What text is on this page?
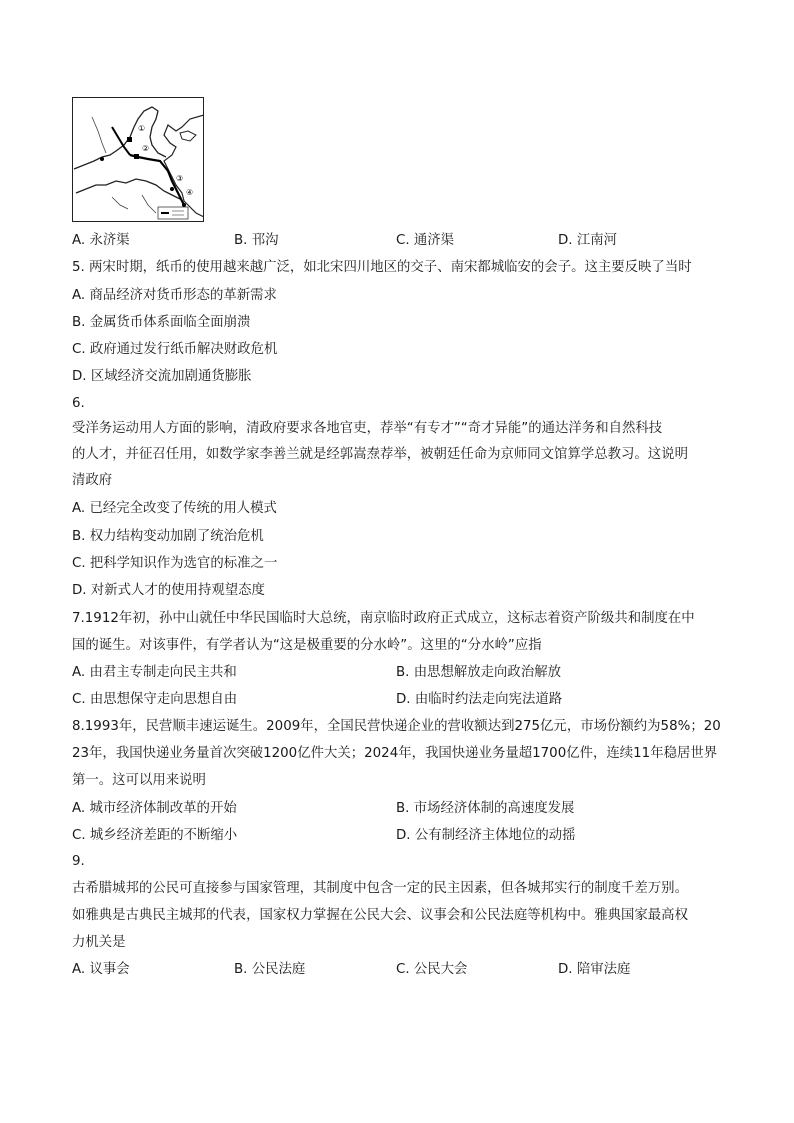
①
②
③
④
A. 永济渠	B. 邗沟	C. 通济渠	D. 江南河
5. 两宋时期，纸币的使用越来越广泛，如北宋四川地区的交子、南宋都城临安的会子。这主要反映了当时
A. 商品经济对货币形态的革新需求
B. 金属货币体系面临全面崩溃
C. 政府通过发行纸币解决财政危机
D. 区域经济交流加剧通货膨胀
6.
受洋务运动用人方面的影响，清政府要求各地官吏，荐举“有专才”“奇才异能”的通达洋务和自然科技
的人才，并征召任用，如数学家李善兰就是经郭嵩焘荐举，被朝廷任命为京师同文馆算学总教习。这说明
清政府
A. 已经完全改变了传统的用人模式
B. 权力结构变动加剧了统治危机
C. 把科学知识作为选官的标准之一
D. 对新式人才的使用持观望态度
7.1912年初，孙中山就任中华民国临时大总统，南京临时政府正式成立，这标志着资产阶级共和制度在中
国的诞生。对该事件，有学者认为“这是极重要的分水岭”。这里的“分水岭”应指
A. 由君主专制走向民主共和	B. 由思想解放走向政治解放
C. 由思想保守走向思想自由	D. 由临时约法走向宪法道路
8.1993年，民营顺丰速运诞生。2009年，全国民营快递企业的营收额达到275亿元，市场份额约为58%；20
23年，我国快递业务量首次突破1200亿件大关；2024年，我国快递业务量超1700亿件，连续11年稳居世界
第一。这可以用来说明
A. 城市经济体制改革的开始	B. 市场经济体制的高速度发展
C. 城乡经济差距的不断缩小	D. 公有制经济主体地位的动摇
9.
古希腊城邦的公民可直接参与国家管理，其制度中包含一定的民主因素，但各城邦实行的制度千差万别。
如雅典是古典民主城邦的代表，国家权力掌握在公民大会、议事会和公民法庭等机构中。雅典国家最高权
力机关是
A. 议事会	B. 公民法庭	C. 公民大会	D. 陪审法庭
